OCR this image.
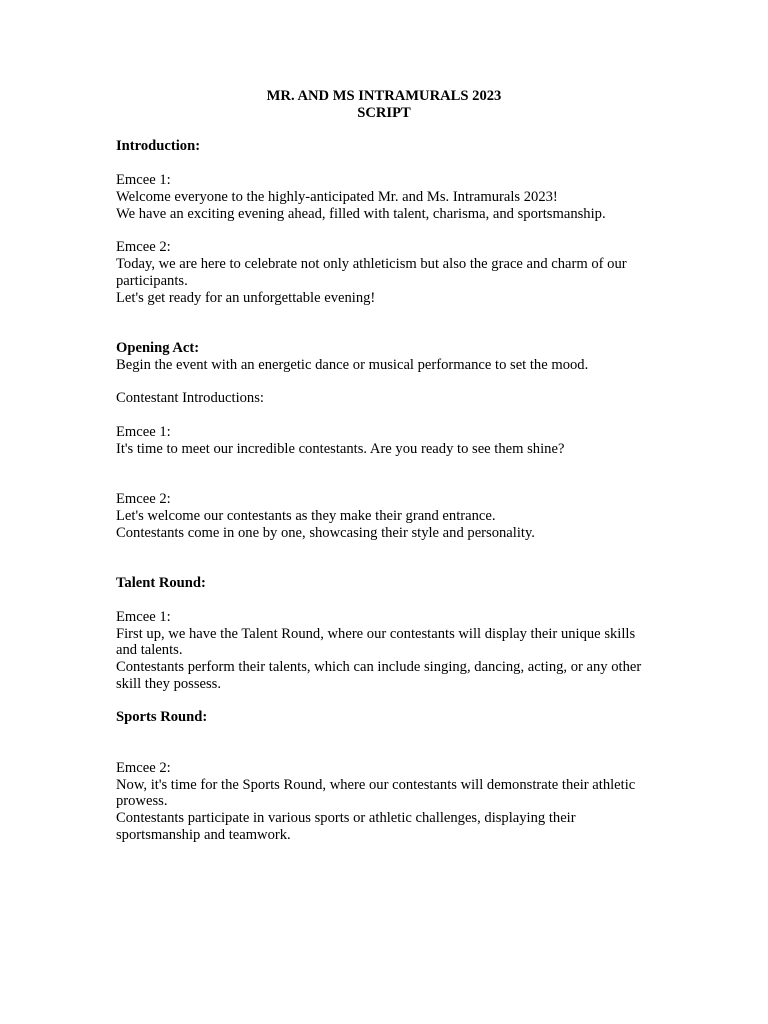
MR. AND MS INTRAMURALS 2023
SCRIPT
Introduction:
Emcee 1:
Welcome everyone to the highly-anticipated Mr. and Ms. Intramurals 2023!
We have an exciting evening ahead, filled with talent, charisma, and sportsmanship.
Emcee 2:
Today, we are here to celebrate not only athleticism but also the grace and charm of our participants.
Let's get ready for an unforgettable evening!
Opening Act:
Begin the event with an energetic dance or musical performance to set the mood.
Contestant Introductions:
Emcee 1:
It's time to meet our incredible contestants. Are you ready to see them shine?
Emcee 2:
Let's welcome our contestants as they make their grand entrance.
Contestants come in one by one, showcasing their style and personality.
Talent Round:
Emcee 1:
First up, we have the Talent Round, where our contestants will display their unique skills and talents.
Contestants perform their talents, which can include singing, dancing, acting, or any other skill they possess.
Sports Round:
Emcee 2:
Now, it's time for the Sports Round, where our contestants will demonstrate their athletic prowess.
Contestants participate in various sports or athletic challenges, displaying their sportsmanship and teamwork.
